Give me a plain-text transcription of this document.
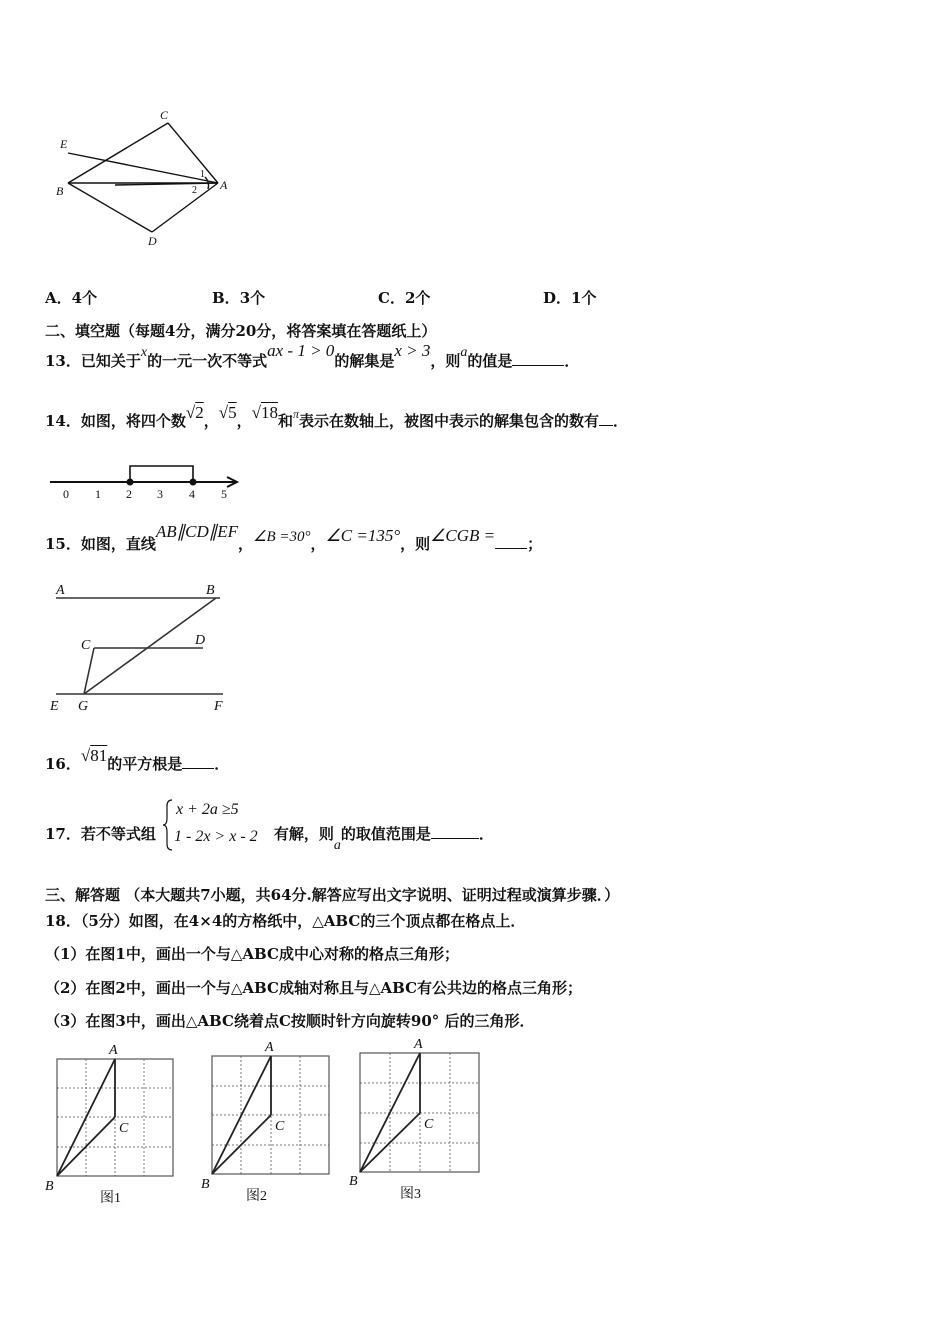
C
E
B	A
D
1
2
A．4个	B．3个	C．2个	D．1个
二、填空题（每题4分，满分20分，将答案填在答题纸上）
13．已知关于x的一元一次不等式ax - 1 > 0的解集是x > 3，则a的值是	．
14．如图，将四个数√2，√5，√18和$^\pi$表示在数轴上，被图中表示的解集包含的数有 ．
0 1 2 3 4 5
15．如图，直线AB∥CD∥EF，∠B =30°，∠C =135°，则∠CGB = ；
A	B
C	D
E G	F
16．√81的平方根是 ．
17．若不等式组	有解，则a的取值范围是	．
x + 2a ≥5
1 - 2x > x - 2
三、解答题 （本大题共7小题，共64分.解答应写出文字说明、证明过程或演算步骤．）
18．（5分）如图，在4×4的方格纸中，△ABC的三个顶点都在格点上．
（1）在图1中，画出一个与△ABC成中心对称的格点三角形；
（2）在图2中，画出一个与△ABC成轴对称且与△ABC有公共边的格点三角形；
（3）在图3中，画出△ABC绕着点C按顺时针方向旋转90° 后的三角形．
A
B
C
图1
A
B
C
图2
A
B
C
图3
